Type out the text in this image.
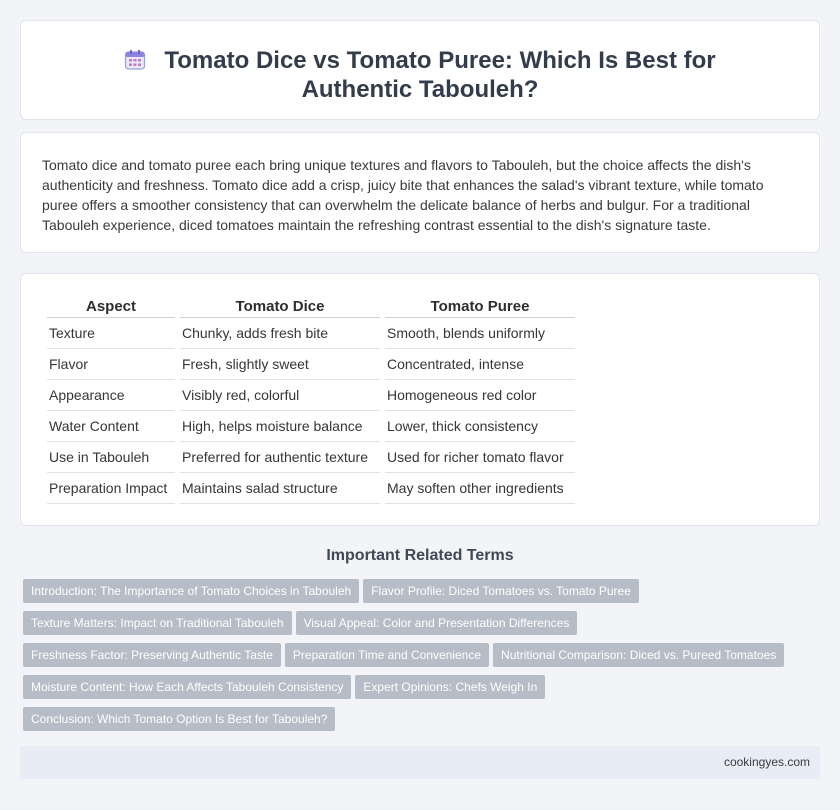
Tomato Dice vs Tomato Puree: Which Is Best for Authentic Tabouleh?

Tomato dice and tomato puree each bring unique textures and flavors to Tabouleh, but the choice affects the dish's authenticity and freshness. Tomato dice add a crisp, juicy bite that enhances the salad's vibrant texture, while tomato puree offers a smoother consistency that can overwhelm the delicate balance of herbs and bulgur. For a traditional Tabouleh experience, diced tomatoes maintain the refreshing contrast essential to the dish's signature taste.

Aspect	Tomato Dice	Tomato Puree
Texture	Chunky, adds fresh bite	Smooth, blends uniformly
Flavor	Fresh, slightly sweet	Concentrated, intense
Appearance	Visibly red, colorful	Homogeneous red color
Water Content	High, helps moisture balance	Lower, thick consistency
Use in Tabouleh	Preferred for authentic texture	Used for richer tomato flavor
Preparation Impact	Maintains salad structure	May soften other ingredients
Important Related Terms
Introduction: The Importance of Tomato Choices in Tabouleh Flavor Profile: Diced Tomatoes vs. Tomato Puree
Texture Matters: Impact on Traditional Tabouleh Visual Appeal: Color and Presentation Differences
Freshness Factor: Preserving Authentic Taste Preparation Time and Convenience Nutritional Comparison: Diced vs. Pureed Tomatoes
Moisture Content: How Each Affects Tabouleh Consistency Expert Opinions: Chefs Weigh In
Conclusion: Which Tomato Option Is Best for Tabouleh?
cookingyes.com
